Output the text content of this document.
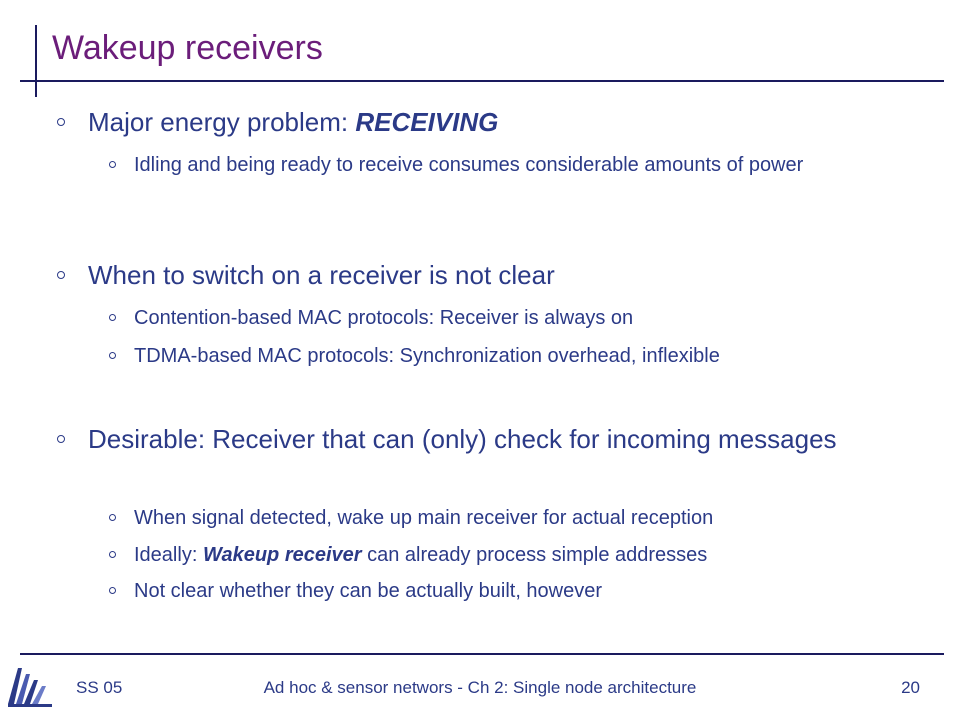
Wakeup receivers
Major energy problem: RECEIVING
Idling and being ready to receive consumes considerable amounts of power
When to switch on a receiver is not clear
Contention-based MAC protocols: Receiver is always on
TDMA-based MAC protocols: Synchronization overhead, inflexible
Desirable: Receiver that can (only) check for incoming messages
When signal detected, wake up main receiver for actual reception
Ideally: Wakeup receiver can already process simple addresses
Not clear whether they can be actually built, however
SS 05	Ad hoc & sensor networs - Ch 2: Single node architecture	20
